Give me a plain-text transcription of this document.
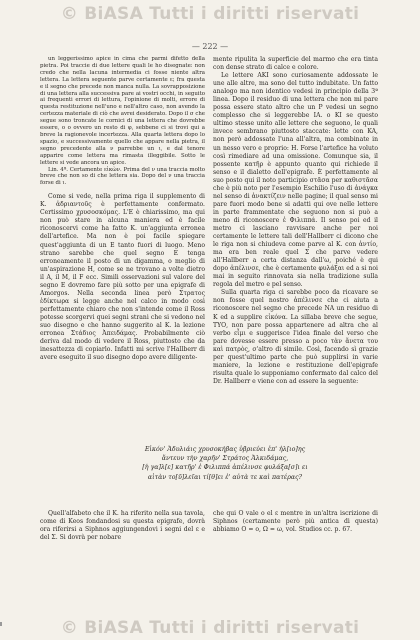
© BiASA Tutti i diritti riservati
— 222 —

un leggerissimo apice in cima che parmi difetto della pietra. Poi traccie di due lettere quali le ho disegnate: non credo che nella lacuna intermedia ci fosse niente altra lettera. La lettera seguente parve certamente ε; fra questa e il segno che precede non manca nulla. La sovrapposizione di una lettera alla successiva pare ai vostri occhi, in seguito ai frequenti errori di lettura, l'opinione di molti, errore di questa restituzione nell'uno e nell'altro caso, non avendo la certezza materiale di ciò che avrei desiderato. Dopo il σ che segue sono troncate le cornici di una lettera che dovrebbe essere, o ο ovvero un resto di φ, sebbene ci si trovi qui a breve la ragionevole incertezza. Alla quarta lettera dopo lo spazio, e successivamente quello che appare nella pietra, il segno precedente alla ν parrebbe un ι, e dal tenore apparire come lettera ma rimasta illeggibile. Sotto le lettere si vede ancora un apice.

Lin. 4ª. Certamente εἰκὼν. Prima del ν una traccia molto breve che non so di che lettera sia. Dopo del ν una traccia forse di ι.

Come si vede, nella prima riga il supplemento di K. ἀδριαντοῦς è perfettamente confermato. Certissimo χρυσοσκόμας. L'Ε è chiarissimo, ma qui non può stare in alcuna maniera ed è facile riconoscervi come ha fatto K. un'aggiunta erronea dell'artefice. Ma non è poi facile spiegare quest'aggiunta di un Ε tanto fuori di luogo. Meno strano sarebbe che quel segno Ε tenga erroneamente il posto di un digamma, o meglio di un'aspirazione H, come se ne trovano a volte dietro il A, il M, il F ecc. Simili osservazioni sul valore del segno E dovremo fare più sotto per una epigrafe di Amorgos. Nella seconda linea però Στρατος ἐδίκτωρα si legge anche nel calco in modo così perfettamente chiaro che non s'intende come il Ross potesse scorgervi quei segni strani che si vedono nel suo disegno e che hanno suggerito al K. la lezione erronea Στάδιος Ἀπειδάμας. Probabilmente ciò deriva dal modo di vedere il Ross, piuttosto che da inesattezza di copiarlo. Infatti mi scrive l'Hallberr di avere eseguito il suo disegno dopo avere diligente-

mente ripulita la superficie del marmo che era tinta con dense strato di calce e colore.

Le lettere ΑΚΙ sono curiosamente addossate le une alle altre, ma sono del tutto indubitate. Un fatto analogo ma non identico vedesi in principio della 3ª linea. Dopo il residuo di una lettera che non mi pare possa essere stato altro che un Ρ vedesi un segno complesso che si leggerebbe ΙΑ. o ΚΙ se questo ultimo stesse unito alle lettere che seguono, le quali invece sembrano piuttosto staccate: lette con KA, non però addossate l'una all'altra, ma combinate in un nesso vero e proprio: Η. Forse l'artefice ha voluto così rimediare ad una omissione. Comunque sia, il possente κατῆρ è appunto quanto qui richiede il senso e il dialetto dell'epigrafe. È perfettamente al suo posto qui il noto participio στᾶσα per καθιστᾶσα che è più noto per l'esempio Eschilio l'uso di ἀνάγκα nel senso di ἀνακτίζειν nelle pagine; il qual senso mi pare fuori modo bene si adatti qui ove nelle lettere in parte frammentate che seguono non si può a meno di riconoscere ἐ Φιλιππά. Il senso poi ed il metro ci lasciano ravvisare anche per noi certamente le lettere tali dell'Hallberr ci dicono che le riga non si chiudeva come parve al K. con ἀντίο, ma era ben reale quel Σ che parve vedere all'Hallberr a certa distanza dall'ω, poiché è qui dopo ἀπέλινσε, che è certamente φυλάξαι ed a si noi mai in seguito rinnovata sia nella tradizione sulla regola del metro e pel senso.

Sulla quarta riga ci sarebbe poco da ricavare se non fosse quel nostro ἀπέλινσε che ci aiuta a riconoscere nel segno che precede ΝΑ un residuo di Κ ed a supplire εἰκόνα. La sillaba breve che segue, ΤΥΟ, non pare possa appartenere ad altra che al verbo εἶμι e suggerisce l'idea finale del verso che pare dovesse essere presso a poco τὰν ἄνετα του καὶ πατρὸς, σ'altro di simile. Così, facendo sì grazie per quest'ultimo parte che può supplirsi in varie maniere, la lezione e restituzione dell'epigrafe risulta quale lo supponiamo confermato dal calco del Dr. Hallberr e viene con ad essere la seguente:

Εἰκόν' Ἀδυλιάις χρυσοκήβας ὑβριεύει ἐπ' ἠλ[ιο]ης
ἄντευν τὴν χαρῆν' Στράτος Ἀλκιδάμας,
[ἡ γα]λ[ε] κατῆρ' ἐ Φιλιππά ἀπέλινσε φυλάξα[σ]ι ει
αἰτὰν το[ῦ]λεῖαι τί[θ]ει ἐ' αὐτὰ τε καὶ πατέρας?

Quell'alfabeto che il K. ha riferito nella sua tavola, come di Keos fondandosi su questa epigrafe, dovrà ora riferirsi a Siphnos aggiungendovi i segni del ε e del Σ. Si dovrà per nobare

che qui Ο vale o el ε mentre in un'altra iscrizione di Siphnos (certamente però più antica di questa) abbiamo Ο = ο, Ω = ω, vol. Studios cc. p. 67.

© BiASA Tutti i diritti riservati
